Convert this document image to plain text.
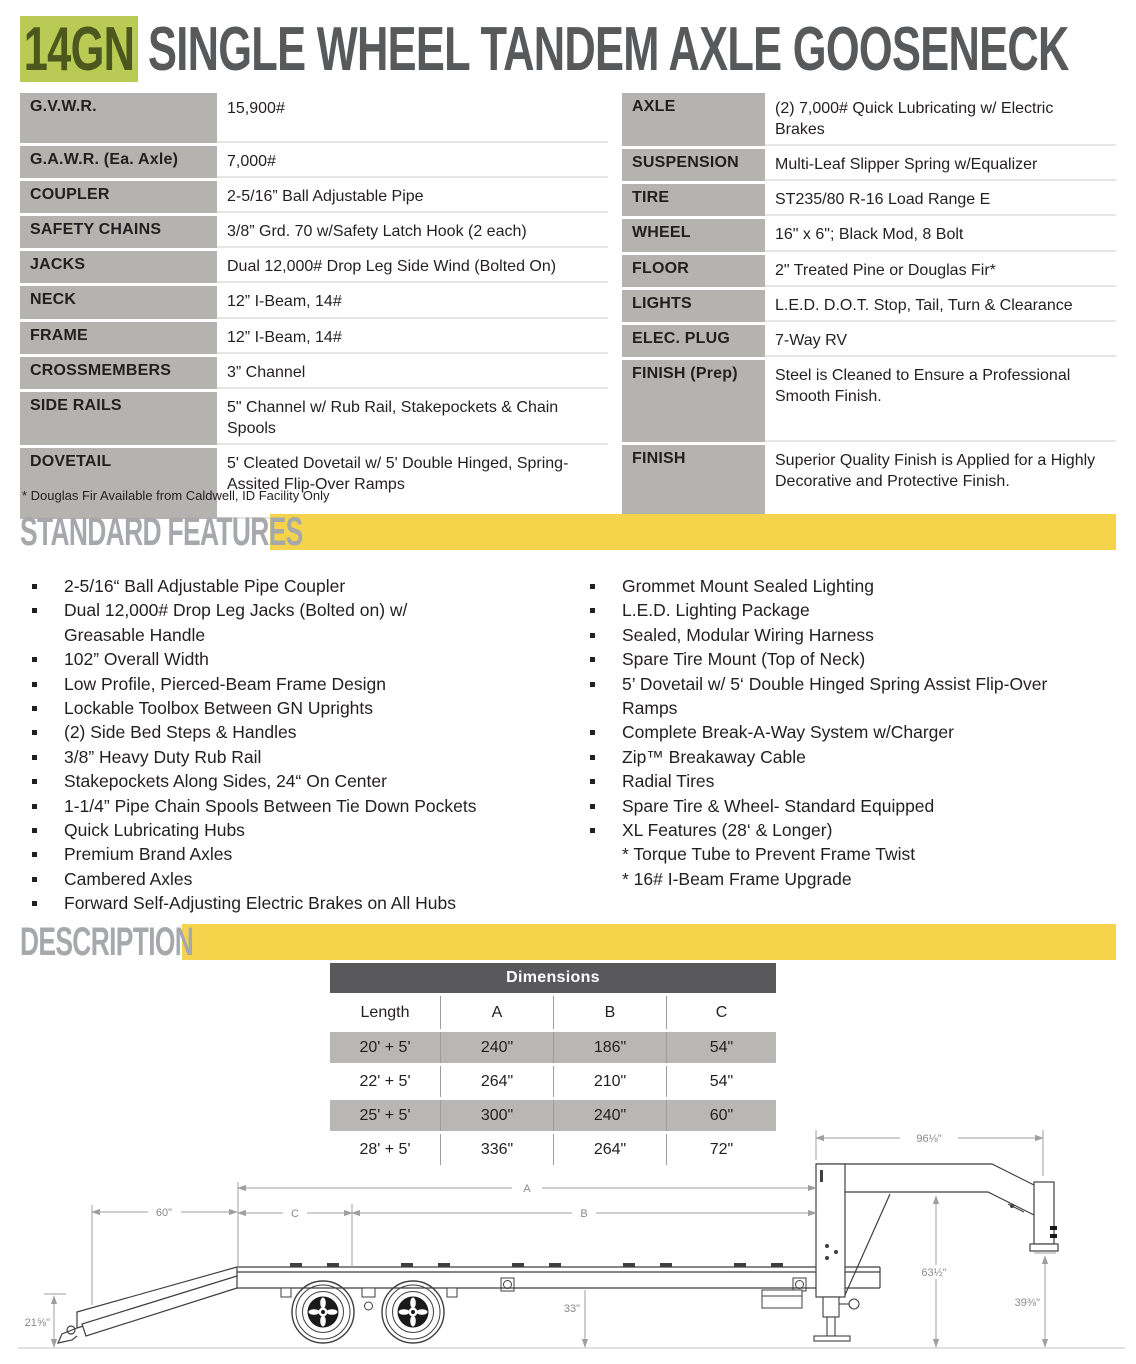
14GN SINGLE WHEEL TANDEM AXLE GOOSENECK
G.V.W.R.	15,900#
G.A.W.R. (Ea. Axle)	7,000#
COUPLER	2-5/16” Ball Adjustable Pipe
SAFETY CHAINS	3/8” Grd. 70 w/Safety Latch Hook (2 each)
JACKS	Dual 12,000# Drop Leg Side Wind (Bolted On)
NECK	12” I-Beam, 14#
FRAME	12” I-Beam, 14#
CROSSMEMBERS	3” Channel
SIDE RAILS	5" Channel w/ Rub Rail, Stakepockets & Chain Spools
DOVETAIL	5' Cleated Dovetail w/ 5' Double Hinged, Spring-Assited Flip-Over Ramps
AXLE	(2) 7,000# Quick Lubricating w/ Electric Brakes
SUSPENSION	Multi-Leaf Slipper Spring w/Equalizer
TIRE	ST235/80 R-16 Load Range E
WHEEL	16" x 6"; Black Mod, 8 Bolt
FLOOR	2" Treated Pine or Douglas Fir*
LIGHTS	L.E.D. D.O.T. Stop, Tail, Turn & Clearance
ELEC. PLUG	7-Way RV
FINISH (Prep)	Steel is Cleaned to Ensure a Professional Smooth Finish.
FINISH	Superior Quality Finish is Applied for a Highly Decorative and Protective Finish.
* Douglas Fir Available from Caldwell, ID Facility Only
STANDARD FEATURES
2-5/16“ Ball Adjustable Pipe Coupler
Dual 12,000# Drop Leg Jacks (Bolted on) w/ Greasable Handle
102” Overall Width
Low Profile, Pierced-Beam Frame Design
Lockable Toolbox Between GN Uprights
(2) Side Bed Steps & Handles
3/8” Heavy Duty Rub Rail
Stakepockets Along Sides, 24“ On Center
1-1/4” Pipe Chain Spools Between Tie Down Pockets
Quick Lubricating Hubs
Premium Brand Axles
Cambered Axles
Forward Self-Adjusting Electric Brakes on All Hubs
Grommet Mount Sealed Lighting
L.E.D. Lighting Package
Sealed, Modular Wiring Harness
Spare Tire Mount (Top of Neck)
5’ Dovetail w/ 5‘ Double Hinged Spring Assist Flip-Over Ramps
Complete Break-A-Way System w/Charger
Zip™ Breakaway Cable
Radial Tires
Spare Tire & Wheel- Standard Equipped
XL Features (28‘ & Longer)
* Torque Tube to Prevent Frame Twist
* 16# I-Beam Frame Upgrade
DESCRIPTION
Dimensions
Length	A	B	C
20' + 5'	240"	186"	54"
22' + 5'	264"	210"	54"
25' + 5'	300"	240"	60"
28' + 5'	336"	264"	72"
96⅛"
A
C	B
60"
63½"
39⅜"
33"
21⅝"
